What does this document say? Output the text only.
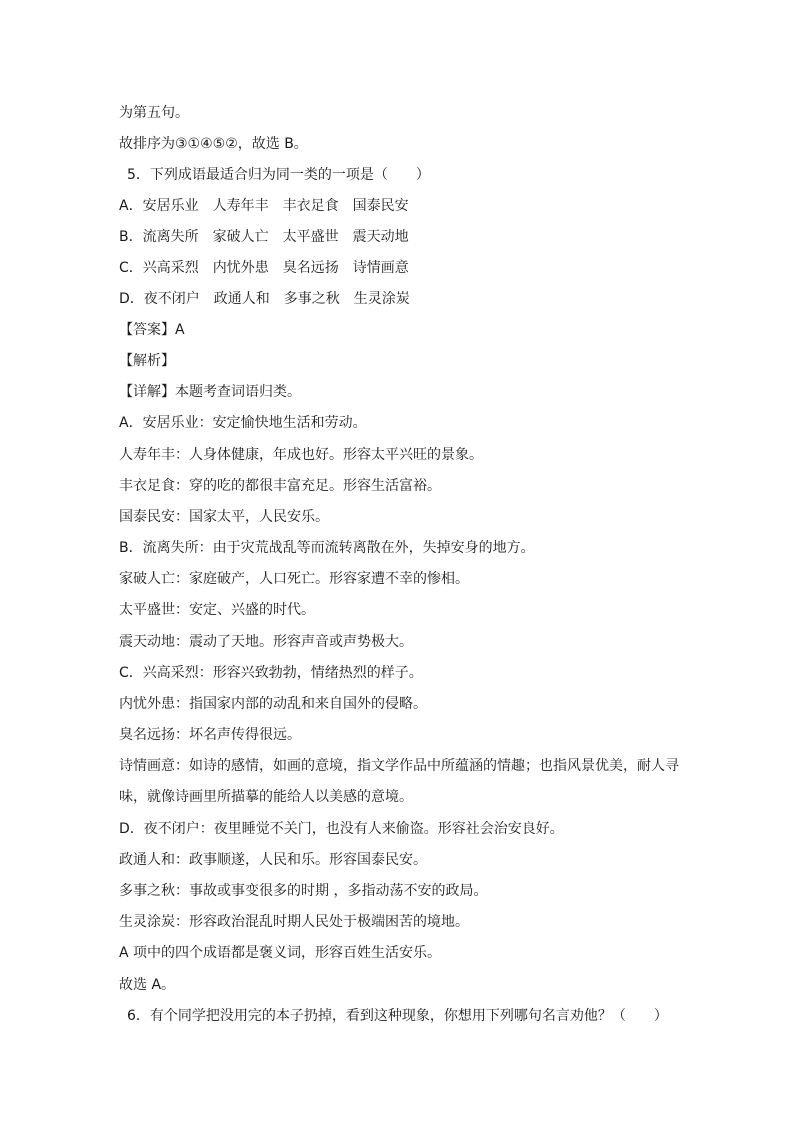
为第五句。
故排序为③①④⑤②，故选 B。
5．下列成语最适合归为同一类的一项是（　　）
A．安居乐业　人寿年丰　丰衣足食　国泰民安
B．流离失所　家破人亡　太平盛世　震天动地
C．兴高采烈　内忧外患　臭名远扬　诗情画意
D．夜不闭户　政通人和　多事之秋　生灵涂炭
【答案】A
【解析】
【详解】本题考查词语归类。
A．安居乐业：安定愉快地生活和劳动。
人寿年丰：人身体健康，年成也好。形容太平兴旺的景象。
丰衣足食：穿的吃的都很丰富充足。形容生活富裕。
国泰民安：国家太平，人民安乐。
B．流离失所：由于灾荒战乱等而流转离散在外，失掉安身的地方。
家破人亡：家庭破产，人口死亡。形容家遭不幸的惨相。
太平盛世：安定、兴盛的时代。
震天动地：震动了天地。形容声音或声势极大。
C．兴高采烈：形容兴致勃勃，情绪热烈的样子。
内忧外患：指国家内部的动乱和来自国外的侵略。
臭名远扬：坏名声传得很远。
诗情画意：如诗的感情，如画的意境，指文学作品中所蕴涵的情趣；也指风景优美，耐人寻
味，就像诗画里所描摹的能给人以美感的意境。
D．夜不闭户：夜里睡觉不关门，也没有人来偷盗。形容社会治安良好。
政通人和：政事顺遂，人民和乐。形容国泰民安。
多事之秋：事故或事变很多的时期 ，多指动荡不安的政局。
生灵涂炭：形容政治混乱时期人民处于极端困苦的境地。
A 项中的四个成语都是褒义词，形容百姓生活安乐。
故选 A。
6．有个同学把没用完的本子扔掉，看到这种现象，你想用下列哪句名言劝他？（　　）
